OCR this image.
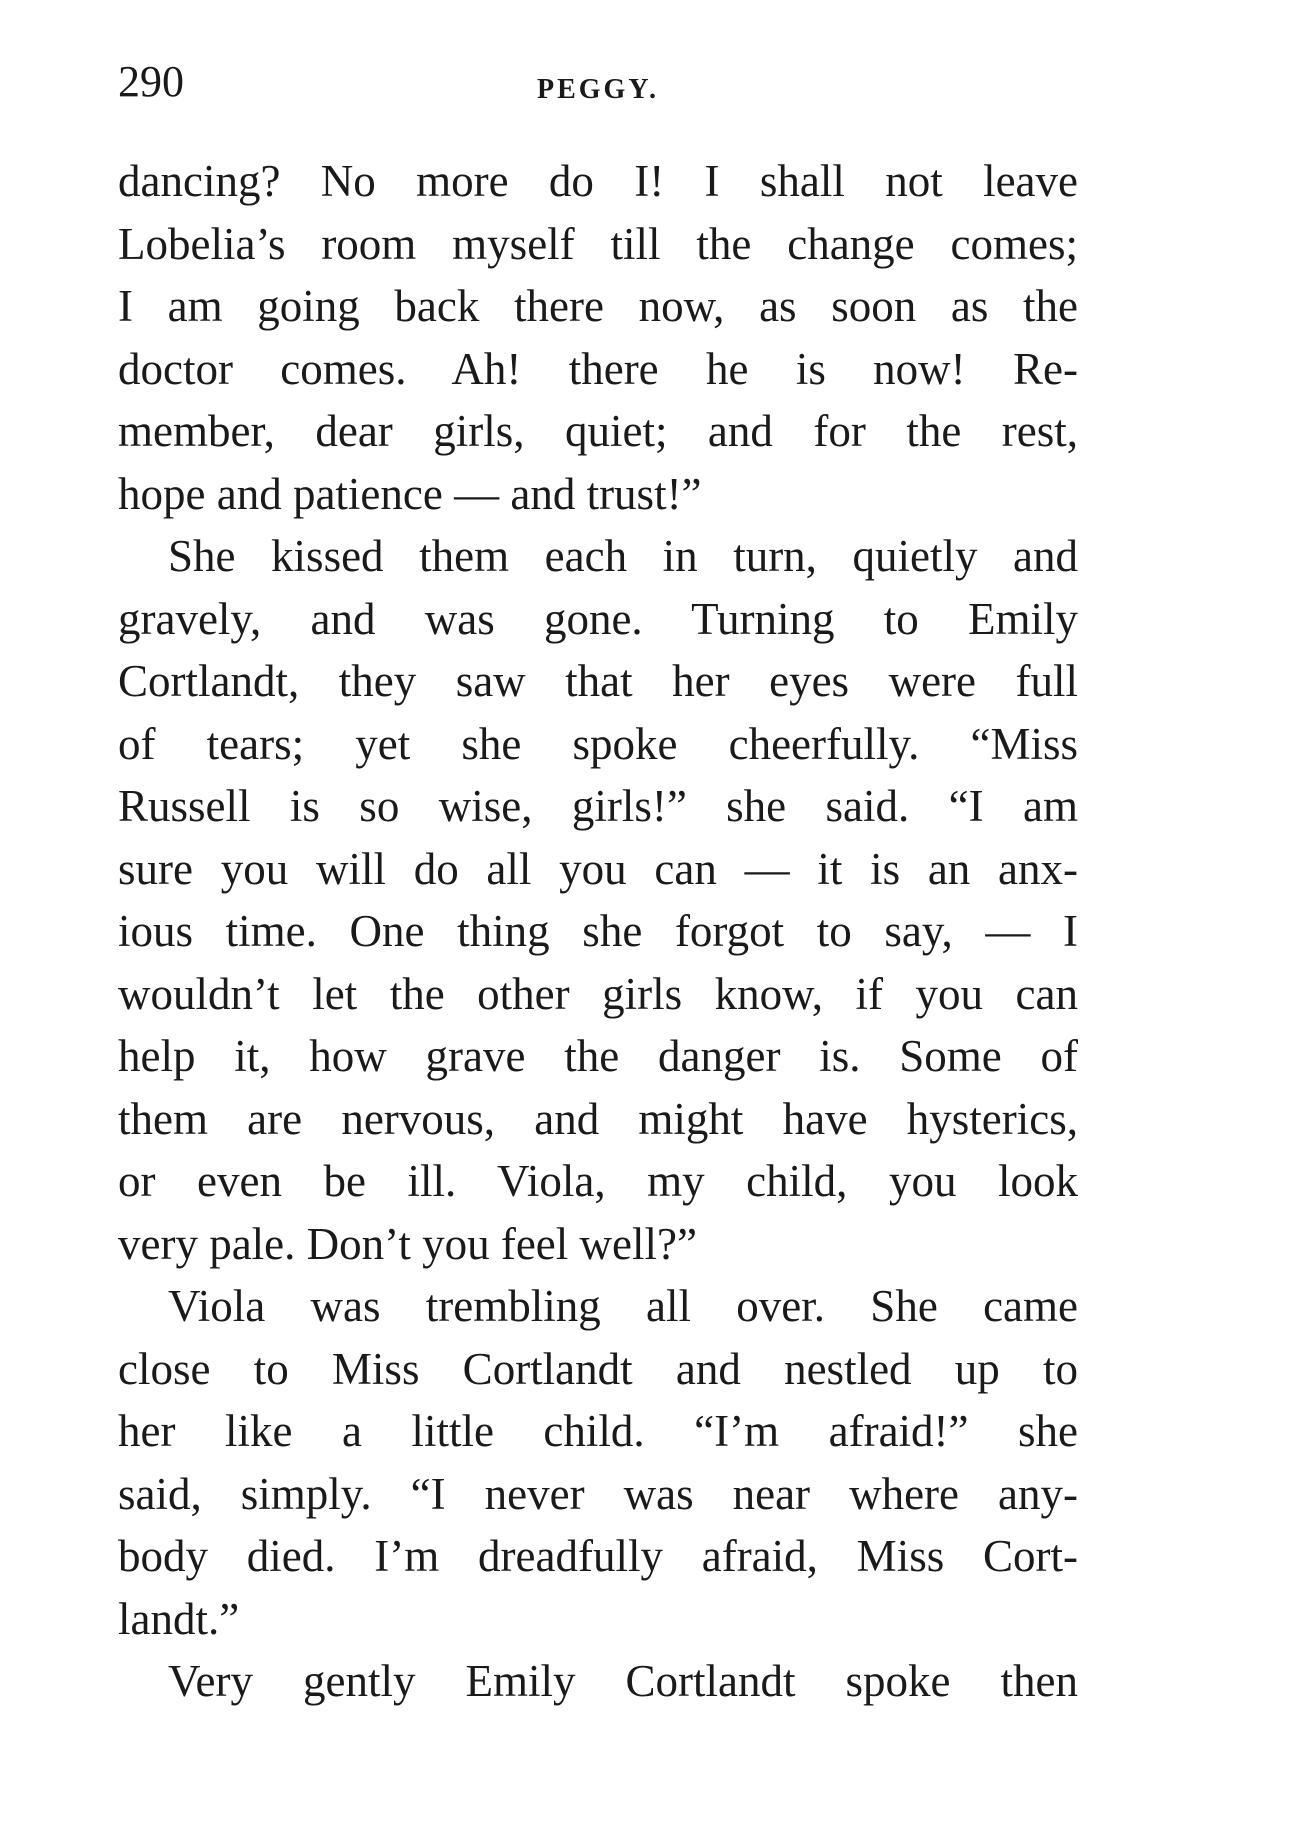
290	PEGGY.
dancing? No more do I! I shall not leave
Lobelia’s room myself till the change comes;
I am going back there now, as soon as the
doctor comes. Ah! there he is now! Re-
member, dear girls, quiet; and for the rest,
hope and patience — and trust!”
She kissed them each in turn, quietly and
gravely, and was gone. Turning to Emily
Cortlandt, they saw that her eyes were full
of tears; yet she spoke cheerfully. “Miss
Russell is so wise, girls!” she said. “I am
sure you will do all you can — it is an anx-
ious time. One thing she forgot to say, — I
wouldn’t let the other girls know, if you can
help it, how grave the danger is. Some of
them are nervous, and might have hysterics,
or even be ill. Viola, my child, you look
very pale. Don’t you feel well?”
Viola was trembling all over. She came
close to Miss Cortlandt and nestled up to
her like a little child. “I’m afraid!” she
said, simply. “I never was near where any-
body died. I’m dreadfully afraid, Miss Cort-
landt.”
Very gently Emily Cortlandt spoke then
